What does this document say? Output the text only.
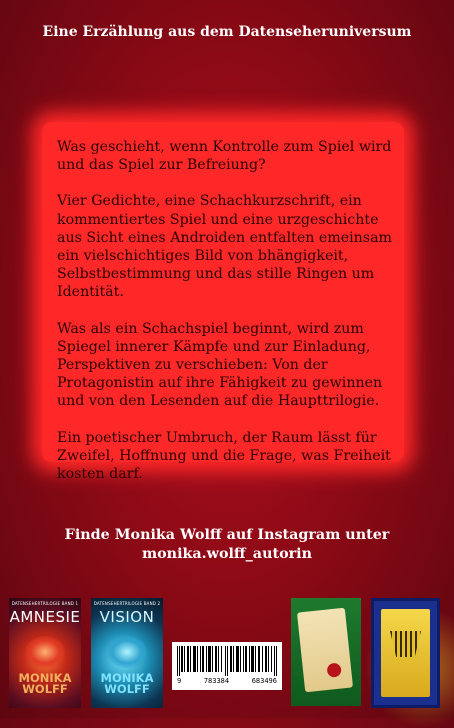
Eine Erzählung aus dem Datenseheruniversum

Was geschieht, wenn Kontrolle zum Spiel wird und das Spiel zur Befreiung?

Vier Gedichte, eine Schachkurzschrift, ein kommentiertes Spiel und eine urzgeschichte aus Sicht eines Androiden entfalten emeinsam ein vielschichtiges Bild von bhängigkeit, Selbstbestimmung und das stille Ringen um Identität.

Was als ein Schachspiel beginnt, wird zum Spiegel innerer Kämpfe und zur Einladung, Perspektiven zu verschieben: Von der Protagonistin auf ihre Fähigkeit zu gewinnen und von den Lesenden auf die Haupttrilogie.

Ein poetischer Umbruch, der Raum lässt für Zweifel, Hoffnung und die Frage, was Freiheit kosten darf.

Finde Monika Wolff auf Instagram unter
monika.wolff_autorin
DATENSEHERTRILOGIE BAND 1
AMNESIE
MONIKA WOLFF
DATENSEHERTRILOGIE BAND 2
VISION
MONIKA WOLFF
9	783384	683496
